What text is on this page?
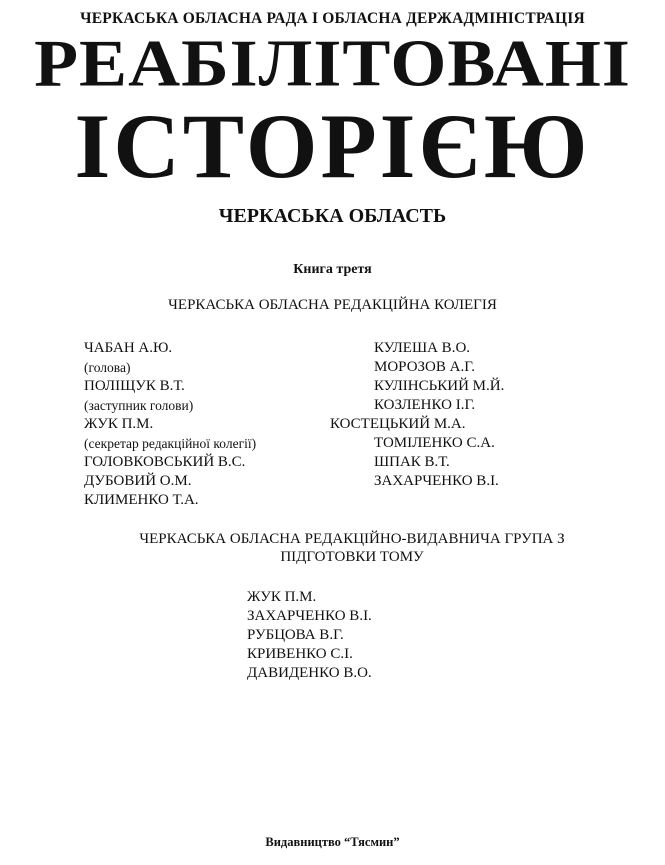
ЧЕРКАСЬКА ОБЛАСНА РАДА І ОБЛАСНА ДЕРЖАДМІНІСТРАЦІЯ
РЕАБІЛІТОВАНІ
ІСТОРІЄЮ
ЧЕРКАСЬКА ОБЛАСТЬ
Книга третя
ЧЕРКАСЬКА ОБЛАСНА РЕДАКЦІЙНА КОЛЕГІЯ
ЧАБАН А.Ю.
(голова)
ПОЛІЩУК В.Т.
(заступник голови)
ЖУК П.М.
(секретар редакційної колегії)
ГОЛОВКОВСЬКИЙ В.С.
ДУБОВИЙ О.М.
КЛИМЕНКО Т.А.
КУЛЕША В.О.
МОРОЗОВ А.Г.
КУЛІНСЬКИЙ М.Й.
КОЗЛЕНКО І.Г.
КОСТЕЦЬКИЙ М.А.
ТОМІЛЕНКО С.А.
ШПАК В.Т.
ЗАХАРЧЕНКО В.І.
ЧЕРКАСЬКА ОБЛАСНА РЕДАКЦІЙНО-ВИДАВНИЧА ГРУПА З ПІДГОТОВКИ ТОМУ
ЖУК П.М.
ЗАХАРЧЕНКО В.І.
РУБЦОВА В.Г.
КРИВЕНКО С.І.
ДАВИДЕНКО В.О.
Видавництво “Тясмин”
